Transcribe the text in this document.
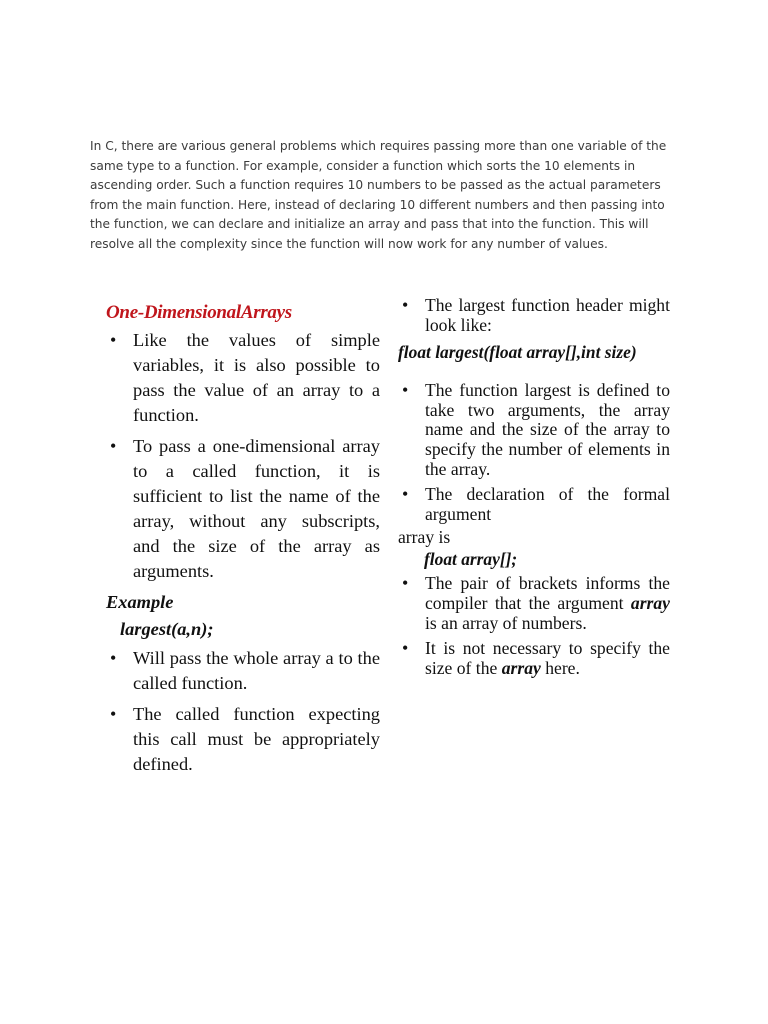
In C, there are various general problems which requires passing more than one variable of the same type to a function. For example, consider a function which sorts the 10 elements in ascending order. Such a function requires 10 numbers to be passed as the actual parameters from the main function. Here, instead of declaring 10 different numbers and then passing into the function, we can declare and initialize an array and pass that into the function. This will resolve all the complexity since the function will now work for any number of values.

One-DimensionalArrays
• Like the values of simple variables, it is also possible to pass the value of an array to a function.
• To pass a one-dimensional array to a called function, it is sufficient to list the name of the array, without any subscripts, and the size of the array as arguments.
Example
largest(a,n);
• Will pass the whole array a to the called function.
• The called function expecting this call must be appropriately defined.
• The largest function header might look like:
float largest(float array[],int size)
• The function largest is defined to take two arguments, the array name and the size of the array to specify the number of elements in the array.
• The declaration of the formal argument
array is
float array[];
• The pair of brackets informs the compiler that the argument array is an array of numbers.
• It is not necessary to specify the size of the array here.
